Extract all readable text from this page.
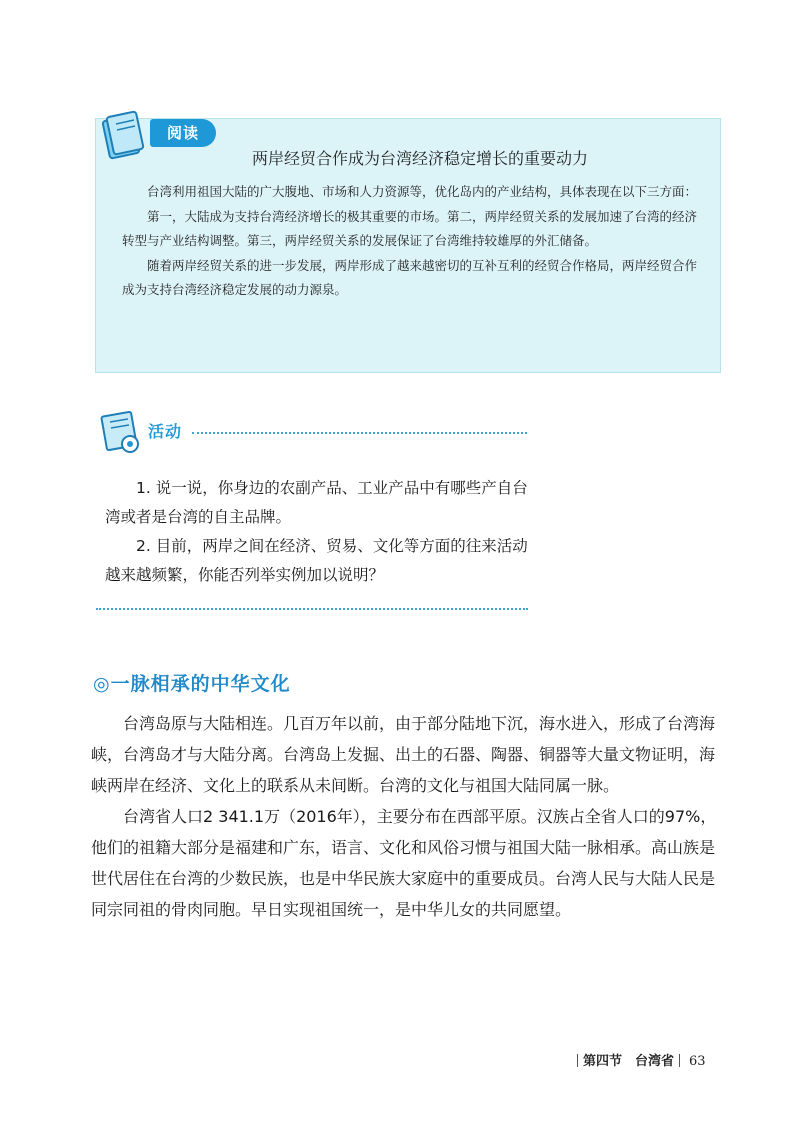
阅读
两岸经贸合作成为台湾经济稳定增长的重要动力

台湾利用祖国大陆的广大腹地、市场和人力资源等，优化岛内的产业结构，具体表现在以下三方面：

第一，大陆成为支持台湾经济增长的极其重要的市场。第二，两岸经贸关系的发展加速了台湾的经济转型与产业结构调整。第三，两岸经贸关系的发展保证了台湾维持较雄厚的外汇储备。

随着两岸经贸关系的进一步发展，两岸形成了越来越密切的互补互利的经贸合作格局，两岸经贸合作成为支持台湾经济稳定发展的动力源泉。

活动

1. 说一说，你身边的农副产品、工业产品中有哪些产自台湾或者是台湾的自主品牌。

2. 目前，两岸之间在经济、贸易、文化等方面的往来活动越来越频繁，你能否列举实例加以说明？

◎一脉相承的中华文化

台湾岛原与大陆相连。几百万年以前，由于部分陆地下沉，海水进入，形成了台湾海峡，台湾岛才与大陆分离。台湾岛上发掘、出土的石器、陶器、铜器等大量文物证明，海峡两岸在经济、文化上的联系从未间断。台湾的文化与祖国大陆同属一脉。

台湾省人口2 341.1万（2016年），主要分布在西部平原。汉族占全省人口的97%，他们的祖籍大部分是福建和广东，语言、文化和风俗习惯与祖国大陆一脉相承。高山族是世代居住在台湾的少数民族，也是中华民族大家庭中的重要成员。台湾人民与大陆人民是同宗同祖的骨肉同胞。早日实现祖国统一，是中华儿女的共同愿望。

第四节　台湾省 63
